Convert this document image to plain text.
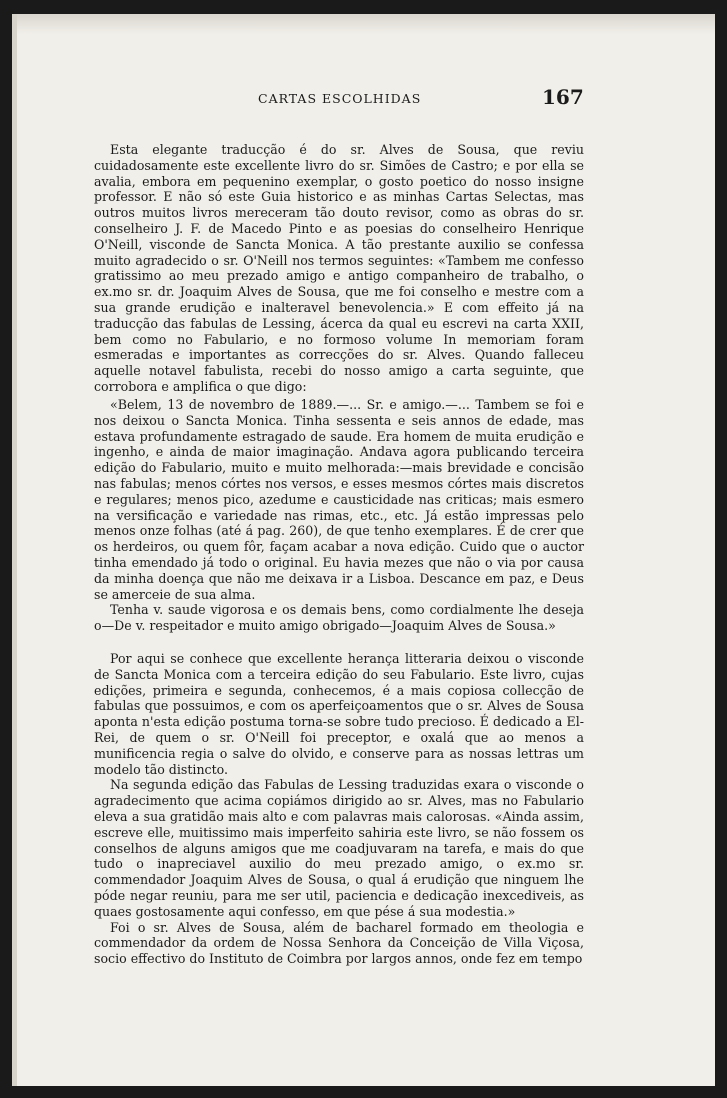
CARTAS ESCOLHIDAS	167

Esta elegante traducção é do sr. Alves de Sousa, que reviu cuidadosamente este excellente livro do sr. Simões de Castro; e por ella se avalia, embora em pequenino exemplar, o gosto poetico do nosso insigne professor. E não só este Guia historico e as minhas Cartas Selectas, mas outros muitos livros mereceram tão douto revisor, como as obras do sr. conselheiro J. F. de Macedo Pinto e as poesias do conselheiro Henrique O'Neill, visconde de Sancta Monica. A tão prestante auxilio se confessa muito agradecido o sr. O'Neill nos termos seguintes: «Tambem me confesso gratissimo ao meu prezado amigo e antigo companheiro de trabalho, o ex.mo sr. dr. Joaquim Alves de Sousa, que me foi conselho e mestre com a sua grande erudição e inalteravel benevolencia.» E com effeito já na traducção das fabulas de Lessing, ácerca da qual eu escrevi na carta XXII, bem como no Fabulario, e no formoso volume In memoriam foram esmeradas e importantes as correcções do sr. Alves. Quando falleceu aquelle notavel fabulista, recebi do nosso amigo a carta seguinte, que corrobora e amplifica o que digo:

«Belem, 13 de novembro de 1889.—... Sr. e amigo.—... Tambem se foi e nos deixou o Sancta Monica. Tinha sessenta e seis annos de edade, mas estava profundamente estragado de saude. Era homem de muita erudição e ingenho, e ainda de maior imaginação. Andava agora publicando terceira edição do Fabulario, muito e muito melhorada:—mais brevidade e concisão nas fabulas; menos córtes nos versos, e esses mesmos córtes mais discretos e regulares; menos pico, azedume e causticidade nas criticas; mais esmero na versificação e variedade nas rimas, etc., etc. Já estão impressas pelo menos onze folhas (até á pag. 260), de que tenho exemplares. É de crer que os herdeiros, ou quem fôr, façam acabar a nova edição. Cuido que o auctor tinha emendado já todo o original. Eu havia mezes que não o via por causa da minha doença que não me deixava ir a Lisboa. Descance em paz, e Deus se amerceie de sua alma.

Tenha v. saude vigorosa e os demais bens, como cordialmente lhe deseja o—De v. respeitador e muito amigo obrigado—Joaquim Alves de Sousa.»

Por aqui se conhece que excellente herança litteraria deixou o visconde de Sancta Monica com a terceira edição do seu Fabulario. Este livro, cujas edições, primeira e segunda, conhecemos, é a mais copiosa collecção de fabulas que possuimos, e com os aperfeiçoamentos que o sr. Alves de Sousa aponta n'esta edição postuma torna-se sobre tudo precioso. É dedicado a El-Rei, de quem o sr. O'Neill foi preceptor, e oxalá que ao menos a munificencia regia o salve do olvido, e conserve para as nossas lettras um modelo tão distincto.

Na segunda edição das Fabulas de Lessing traduzidas exara o visconde o agradecimento que acima copiámos dirigido ao sr. Alves, mas no Fabulario eleva a sua gratidão mais alto e com palavras mais calorosas. «Ainda assim, escreve elle, muitissimo mais imperfeito sahiria este livro, se não fossem os conselhos de alguns amigos que me coadjuvaram na tarefa, e mais do que tudo o inapreciavel auxilio do meu prezado amigo, o ex.mo sr. commendador Joaquim Alves de Sousa, o qual á erudição que ninguem lhe póde negar reuniu, para me ser util, paciencia e dedicação inexcediveis, as quaes gostosamente aqui confesso, em que pése á sua modestia.»

Foi o sr. Alves de Sousa, além de bacharel formado em theologia e commendador da ordem de Nossa Senhora da Conceição de Villa Viçosa, socio effectivo do Instituto de Coimbra por largos annos, onde fez em tempo
